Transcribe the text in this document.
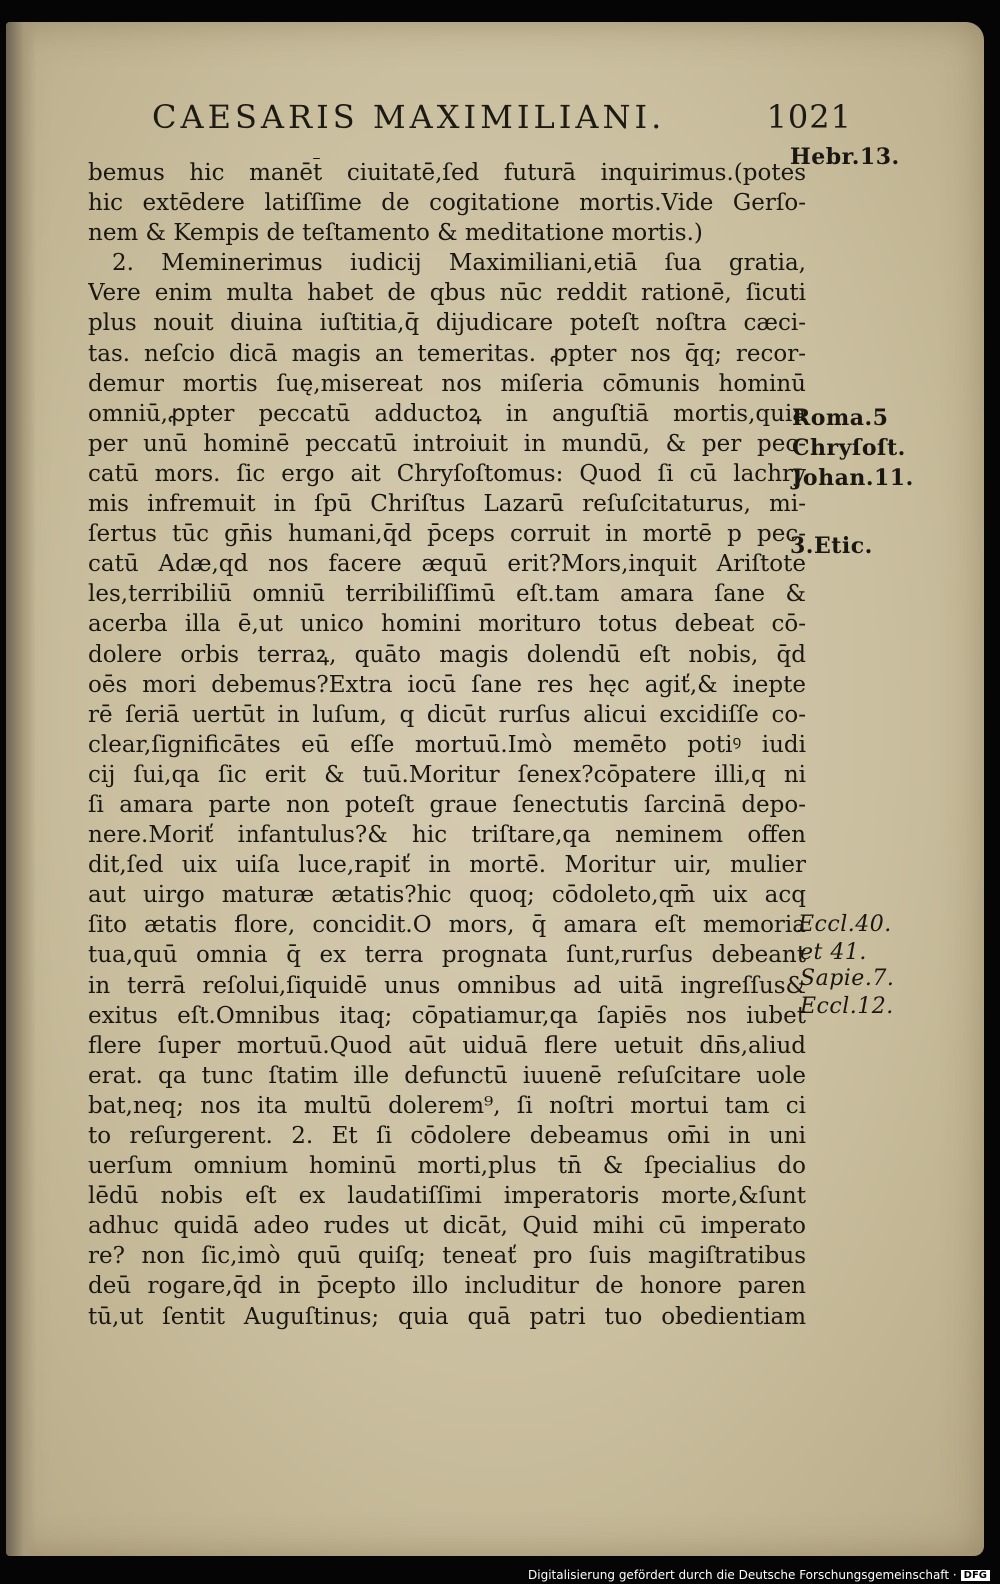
CAESARIS MAXIMILIANI.	1021
bemus hic manēt̄ ciuitatē,ſed futurā inquirimus.(potes
hic extēdere latiſſime de cogitatione mortis.Vide Gerſo-
nem & Kempis de teſtamento & meditatione mortis.)
2. Meminerimus iudicij Maximiliani,etiā ſua gratia,
Vere enim multa habet de qbus nūc reddit rationē, ſicuti
plus nouit diuina iuſtitia,q̄ dijudicare poteſt noſtra cæci-
tas. neſcio dicā magis an temeritas. ꝓpter nos q̄q; recor-
demur mortis ſuę,misereat nos miſeria cōmunis hominū
omniū,ꝓpter peccatū adductoꝝ in anguſtiā mortis,quia
per unū hominē peccatū introiuit in mundū, & per pec-
catū mors. ſic ergo ait Chryſoſtomus: Quod ſi cū lachry
mis infremuit in ſpū Chriſtus Lazarū reſuſcitaturus, mi-
ſertus tūc gn̄is humani,q̄d p̄ceps corruit in mortē p pec-
catū Adæ,qd nos facere æquū erit?Mors,inquit Ariſtote
les,terribiliū omniū terribiliſſimū eſt.tam amara ſane &
acerba illa ē,ut unico homini morituro totus debeat cō-
dolere orbis terraꝝ, quāto magis dolendū eſt nobis, q̄d
oēs mori debemus?Extra iocū ſane res hęc agiť,& inepte
rē ſeriā uertūt in luſum, q dicūt rurſus alicui excidiſſe co-
clear,ſignificātes eū eſſe mortuū.Imò memēto potiꝰ iudi
cij ſui,qa ſic erit & tuū.Moritur ſenex?cōpatere illi,q ni
ſi amara parte non poteſt graue ſenectutis ſarcinā depo-
nere.Moriť infantulus?& hic triſtare,qa neminem offen
dit,ſed uix uiſa luce,rapiť in mortē. Moritur uir, mulier
aut uirgo maturæ ætatis?hic quoq; cōdoleto,qm̄ uix acq
ſito ætatis flore, concidit.O mors, q̄ amara eſt memoria
tua,quū omnia q̄ ex terra prognata ſunt,rurſus debeant
in terrā reſolui,ſiquidē unus omnibus ad uitā ingreſſus&
exitus eſt.Omnibus itaq; cōpatiamur,qa ſapiēs nos iubet
flere ſuper mortuū.Quod aūt uiduā flere uetuit dn̄s,aliud
erat. qa tunc ſtatim ille defunctū iuuenē reſuſcitare uole
bat,neq; nos ita multū dolerem⁹, ſi noſtri mortui tam ci
to reſurgerent. 2. Et ſi cōdolere debeamus om̄i in uni
uerſum omnium hominū morti,plus tn̄ & ſpecialius do
lēdū nobis eſt ex laudatiſſimi imperatoris morte,&ſunt
adhuc quidā adeo rudes ut dicāt, Quid mihi cū imperato
re? non ſic,imò quū quiſq; teneať pro ſuis magiſtratibus
deū rogare,q̄d in p̄cepto illo includitur de honore paren
tū,ut ſentit Auguſtinus; quia quā patri tuo obedientiam
Hebr.13.
Roma.5
Chryſoſt.
Johan.11.
3.Etic.
Eccl.40.
et 41.
Sapie.7.
Eccl.12.
Digitalisierung gefördert durch die Deutsche Forschungsgemeinschaft · DFG
